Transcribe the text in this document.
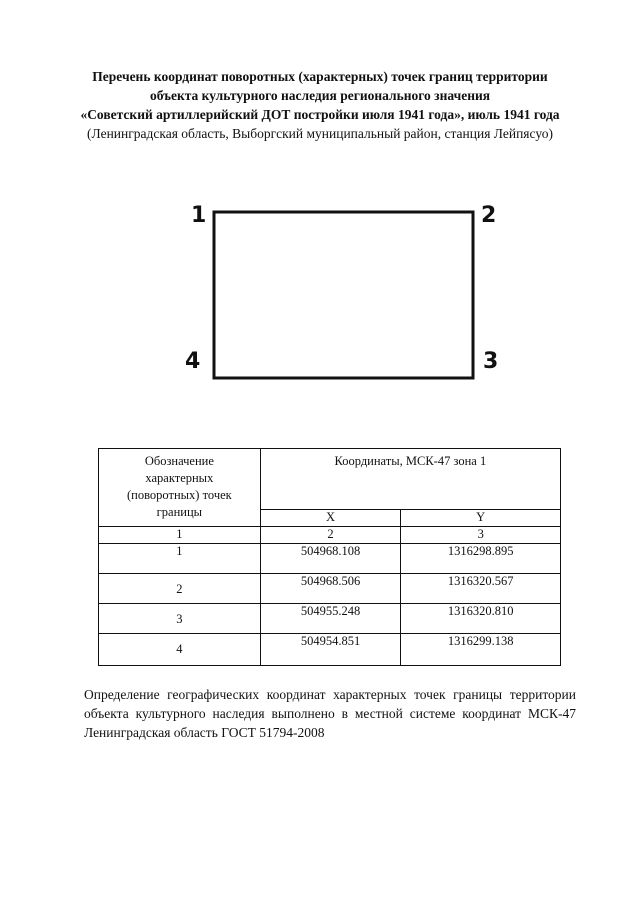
Перечень координат поворотных (характерных) точек границ территории
объекта культурного наследия регионального значения
«Советский артиллерийский ДОТ постройки июля 1941 года», июль 1941 года
(Ленинградская область, Выборгский муниципальный район, станция Лейпясуо)
1	2
3
4
Обозначение характерных (поворотных) точек границы	Координаты, МСК-47 зона 1	
	X	Y
1	2	3
1	504968.108	1316298.895
2	504968.506	1316320.567
3	504955.248	1316320.810
4	504954.851	1316299.138
Определение географических координат характерных точек границы территории объекта культурного наследия выполнено в местной системе координат МСК-47 Ленинградская область ГОСТ 51794-2008
